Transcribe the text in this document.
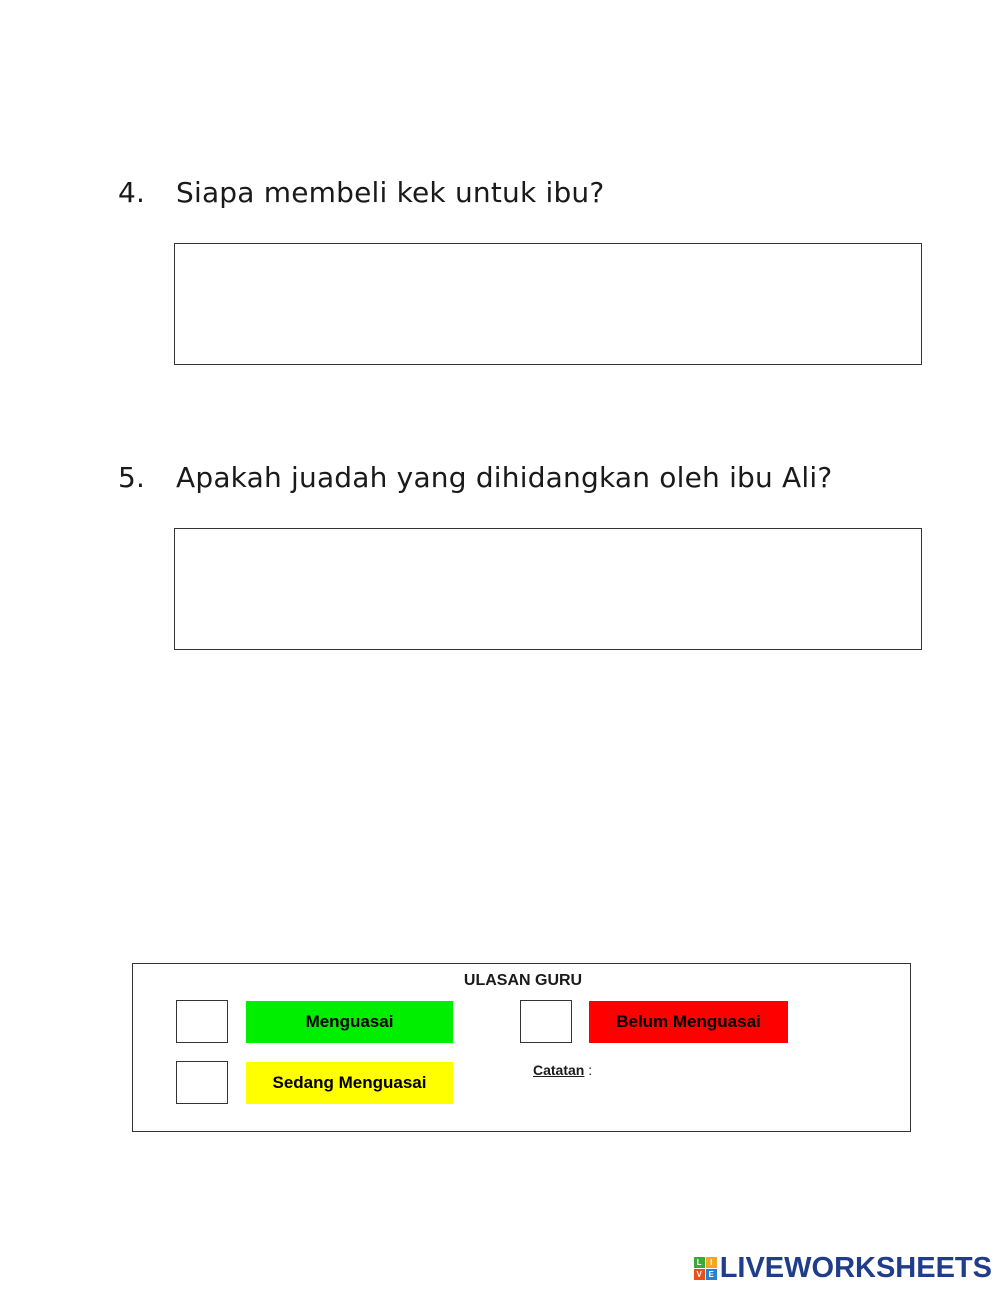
4. Siapa membeli kek untuk ibu?
5. Apakah juadah yang dihidangkan oleh ibu Ali?
ULASAN GURU
Menguasai	Belum Menguasai
Sedang Menguasai
Catatan :
L	I
V E LIVEWORKSHEETS
